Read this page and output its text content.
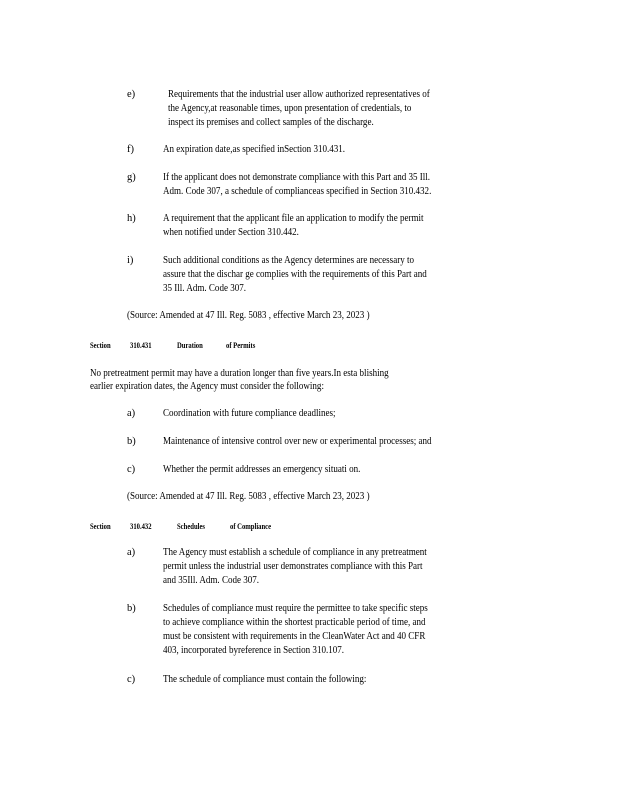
e)	Requirements that the industrial user allow authorized representatives of
the Agency,at reasonable times, upon presentation of credentials, to
inspect its premises and collect samples of the discharge.
f)	An expiration date,as specified inSection 310.431.
g)	If the applicant does not demonstrate compliance with this Part and 35 Ill.
Adm. Code 307, a schedule of complianceas specified in Section 310.432.
h)	A requirement that the applicant file an application to modify the permit
when notified under Section 310.442.
i)	Such additional conditions as the Agency determines are necessary to
assure that the dischar ge complies with the requirements of this Part and
35 Ill. Adm. Code 307.
(Source: Amended at 47 Ill. Reg. 5083 , effective March 23, 2023 )
Section 310.431	Duration	of Permits
No pretreatment permit may have a duration longer than five years.In esta blishing
earlier expiration dates, the Agency must consider the following:
a)	Coordination with future compliance deadlines;
b)	Maintenance of intensive control over new or experimental processes; and
c)	Whether the permit addresses an emergency situati on.
(Source: Amended at 47 Ill. Reg. 5083 , effective March 23, 2023 )
Section 310.432	Schedules	of Compliance
a)	The Agency must establish a schedule of compliance in any pretreatment
permit unless the industrial user demonstrates compliance with this Part
and 35Ill. Adm. Code 307.
b)	Schedules of compliance must require the permittee to take specific steps
to achieve compliance within the shortest practicable period of time, and
must be consistent with requirements in the CleanWater Act and 40 CFR
403, incorporated byreference in Section 310.107.
c)	The schedule of compliance must contain the following:
